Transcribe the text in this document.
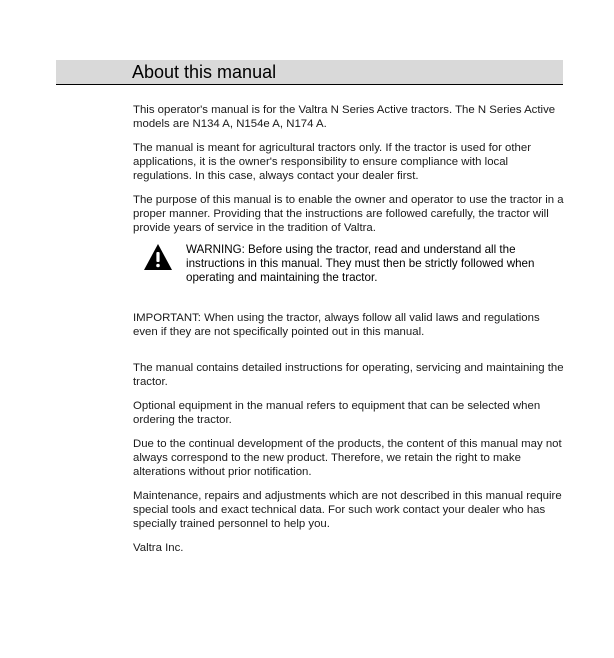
About this manual

This operator's manual is for the Valtra N Series Active tractors. The N Series Active models are N134 A, N154e A, N174 A.

The manual is meant for agricultural tractors only. If the tractor is used for other applications, it is the owner's responsibility to ensure compliance with local regulations. In this case, always contact your dealer first.

The purpose of this manual is to enable the owner and operator to use the tractor in a proper manner. Providing that the instructions are followed carefully, the tractor will provide years of service in the tradition of Valtra.

WARNING: Before using the tractor, read and understand all the instructions in this manual. They must then be strictly followed when operating and maintaining the tractor.

IMPORTANT: When using the tractor, always follow all valid laws and regulations even if they are not specifically pointed out in this manual.

The manual contains detailed instructions for operating, servicing and maintaining the tractor.

Optional equipment in the manual refers to equipment that can be selected when ordering the tractor.

Due to the continual development of the products, the content of this manual may not always correspond to the new product. Therefore, we retain the right to make alterations without prior notification.

Maintenance, repairs and adjustments which are not described in this manual require special tools and exact technical data. For such work contact your dealer who has specially trained personnel to help you.

Valtra Inc.
